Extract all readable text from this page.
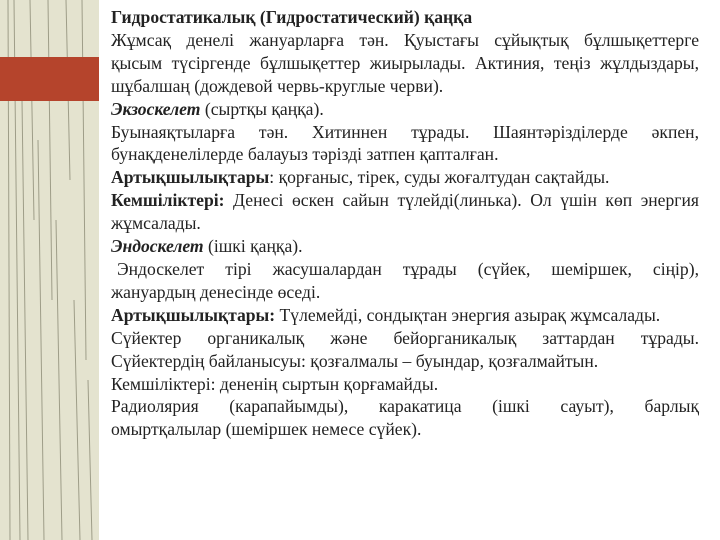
Гидростатикалық (Гидростатический) қаңқа

Жұмсақ денелі жануарларға тән. Қуыстағы сұйықтық бұлшықеттерге

қысым түсіргенде бұлшықеттер жиырылады. Актиния, теңіз жұлдыздары,

шұбалшаң (дождевой червь-круглые черви).

Экзоскелет (сыртқы қаңқа).

Буынаяқтыларға тән. Хитиннен тұрады. Шаянтәрізділерде әкпен,

бунақденелілерде балауыз тәрізді затпен қапталған.

Артықшылықтары: қорғаныс, тірек, суды жоғалтудан сақтайды.

Кемшіліктері: Денесі өскен сайын түлейді(линька). Ол үшін көп энергия

жұмсалады.

Эндоскелет (ішкі қаңқа).

Эндоскелет тірі жасушалардан тұрады (сүйек, шеміршек, сіңір),

жануардың денесінде өседі.

Артықшылықтары: Түлемейді, сондықтан энергия азырақ жұмсалады.

Сүйектер органикалық және бейорганикалық заттардан тұрады.

Сүйектердің байланысуы: қозғалмалы – буындар, қозғалмайтын.

Кемшіліктері: дененің сыртын қорғамайды.

Радиолярия (карапайымды), каракатица (ішкі сауыт), барлық

омыртқалылар (шеміршек немесе сүйек).
